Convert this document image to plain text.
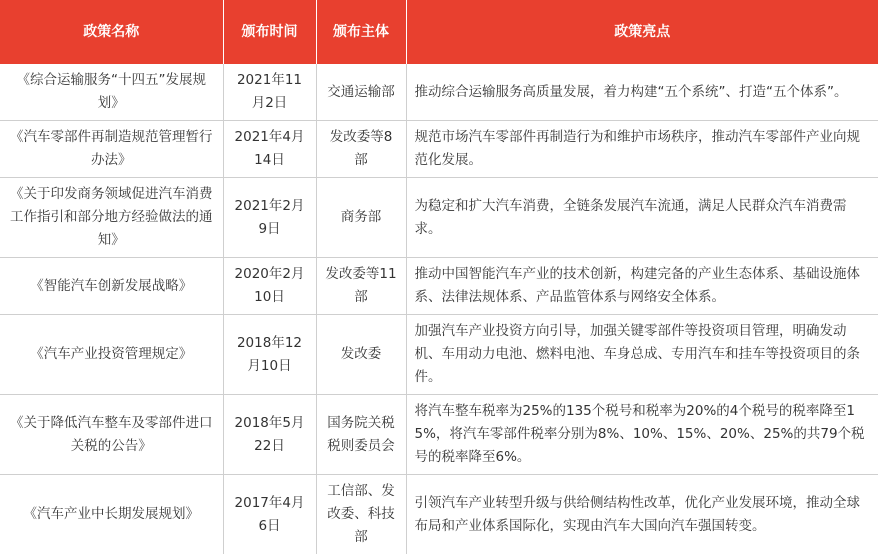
政策名称	颁布时间	颁布主体	政策亮点
《综合运输服务“十四五”发展规划》	2021年11月2日	交通运输部	推动综合运输服务高质量发展，着力构建“五个系统”、打造“五个体系”。
《汽车零部件再制造规范管理暂行办法》	2021年4月14日	发改委等8部	规范市场汽车零部件再制造行为和维护市场秩序，推动汽车零部件产业向规范化发展。
《关于印发商务领域促进汽车消费工作指引和部分地方经验做法的通知》	2021年2月9日	商务部	为稳定和扩大汽车消费，全链条发展汽车流通，满足人民群众汽车消费需求。
《智能汽车创新发展战略》	2020年2月10日	发改委等11部	推动中国智能汽车产业的技术创新，构建完备的产业生态体系、基础设施体系、法律法规体系、产品监管体系与网络安全体系。
《汽车产业投资管理规定》	2018年12月10日	发改委	加强汽车产业投资方向引导，加强关键零部件等投资项目管理，明确发动机、车用动力电池、燃料电池、车身总成、专用汽车和挂车等投资项目的条件。
《关于降低汽车整车及零部件进口关税的公告》	2018年5月22日	国务院关税税则委员会	将汽车整车税率为25%的135个税号和税率为20%的4个税号的税率降至15%，将汽车零部件税率分别为8%、10%、15%、20%、25%的共79个税号的税率降至6%。
《汽车产业中长期发展规划》	2017年4月6日	工信部、发改委、科技部	引领汽车产业转型升级与供给侧结构性改革，优化产业发展环境，推动全球布局和产业体系国际化，实现由汽车大国向汽车强国转变。
